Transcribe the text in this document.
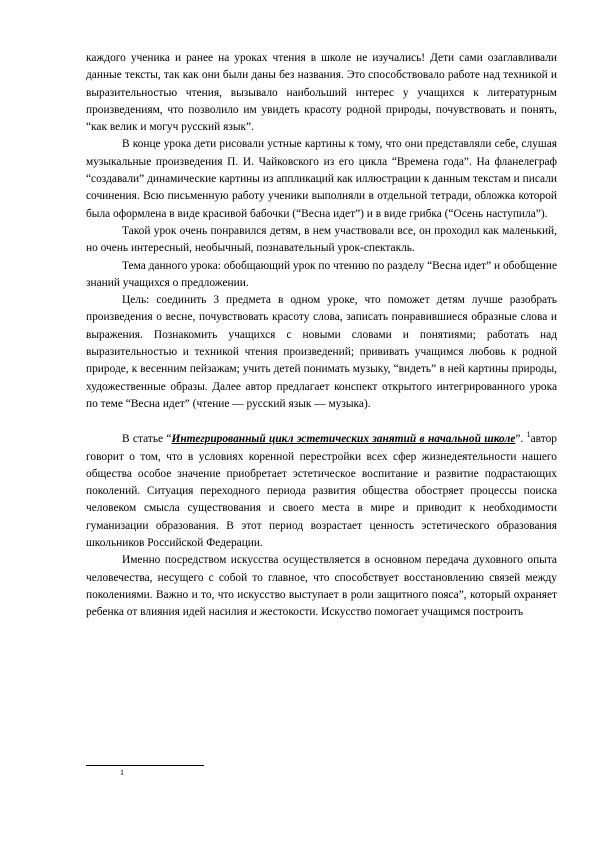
каждого ученика и ранее на уроках чтения в школе не изучались! Дети сами озаглавливали данные тексты, так как они были даны без названия. Это способствовало работе над техникой и выразительностью чтения, вызывало наибольший интерес у учащихся к литературным произведениям, что позволило им увидеть красоту родной природы, почувствовать и понять, “как велик и могуч русский язык”.

В конце урока дети рисовали устные картины к тому, что они представляли себе, слушая музыкальные произведения П. И. Чайковского из его цикла “Времена года”. На фланелеграф “создавали” динамические картины из аппликаций как иллюстрации к данным текстам и писали сочинения. Всю письменную работу ученики выполняли в отдельной тетради, обложка которой была оформлена в виде красивой бабочки (“Весна идет”) и в виде грибка (“Осень наступила”).

Такой урок очень понравился детям, в нем участвовали все, он проходил как маленький, но очень интересный, необычный, познавательный урок-спектакль.

Тема данного урока: обобщающий урок по чтению по разделу “Весна идет” и обобщение знаний учащихся о предложении.

Цель: соединить 3 предмета в одном уроке, что поможет детям лучше разобрать произведения о весне, почувствовать красоту слова, записать понравившиеся образные слова и выражения. Познакомить учащихся с новыми словами и понятиями; работать над выразительностью и техникой чтения произведений; прививать учащимся любовь к родной природе, к весенним пейзажам; учить детей понимать музыку, “видеть” в ней картины природы, художественные образы. Далее автор предлагает конспект открытого интегрированного урока по теме “Весна идет” (чтение — русский язык — музыка).

В статье “Интегрированный цикл эстетических занятий в начальной школе”. $^1$автор говорит о том, что в условиях коренной перестройки всех сфер жизнедеятельности нашего общества особое значение приобретает эстетическое воспитание и развитие подрастающих поколений. Ситуация переходного периода развития общества обостряет процессы поиска человеком смысла существования и своего места в мире и приводит к необходимости гуманизации образования. В этот период возрастает ценность эстетического образования школьников Российской Федерации.

Именно посредством искусства осуществляется в основном передача духовного опыта человечества, несущего с собой то главное, что способствует восстановлению связей между поколениями. Важно и то, что искусство выступает в роли защитного пояса”, который охраняет ребенка от влияния идей насилия и жестокости. Искусство помогает учащимся построить

1
